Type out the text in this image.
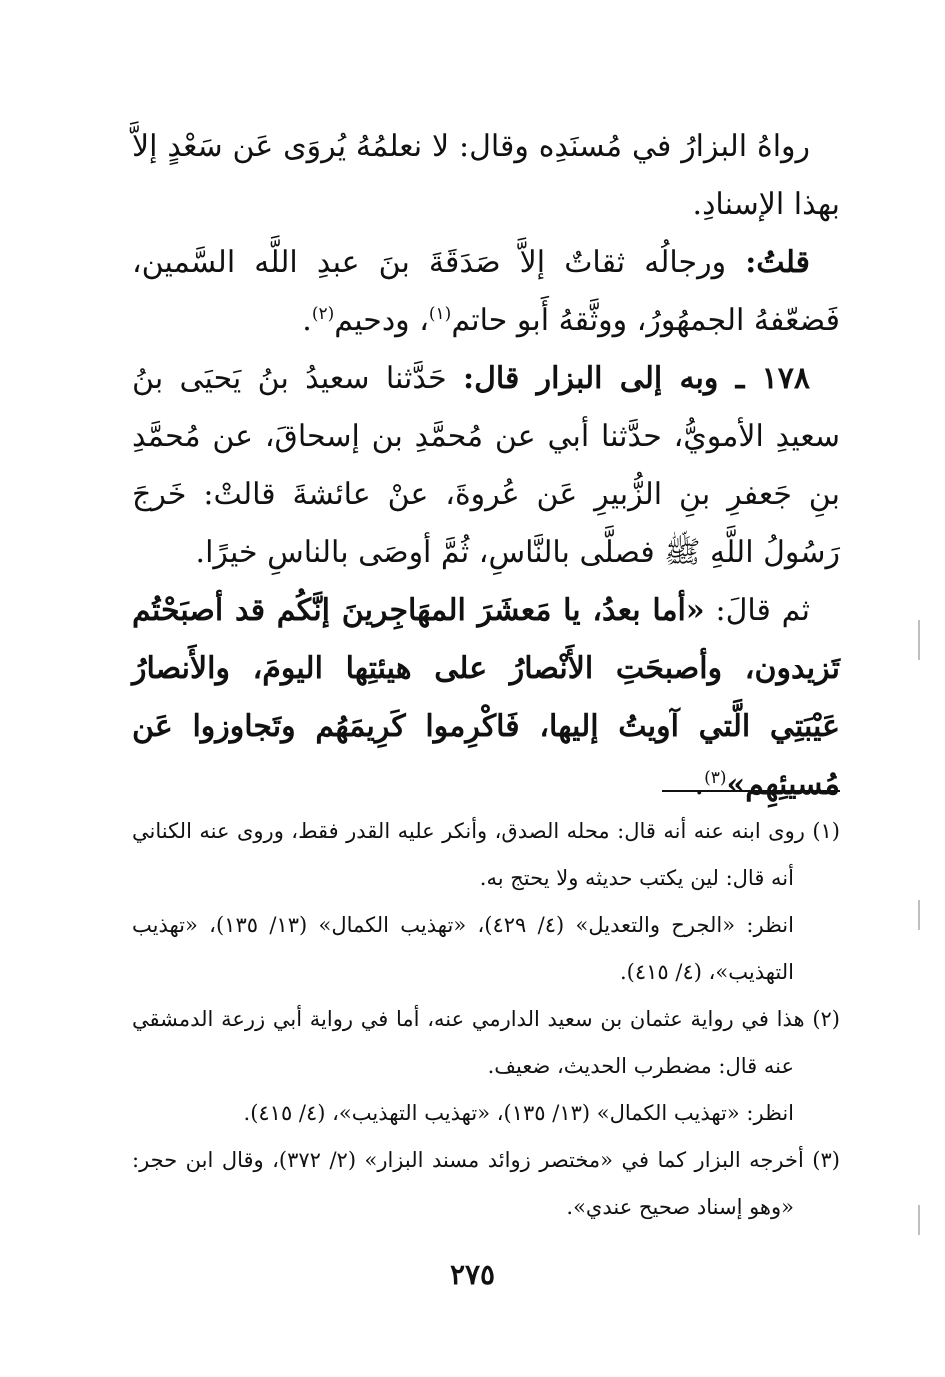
رواهُ البزارُ في مُسنَدِه وقال: لا نعلمُهُ يُروَى عَن سَعْدٍ إلاَّ بهذا الإسنادِ.

قلتُ: ورجالُه ثقاتٌ إلاَّ صَدَقَةَ بنَ عبدِ اللَّه السَّمين، فَضعّفهُ الجمهُورُ، ووثَّقهُ أَبو حاتم$^{(١)}$، ودحيم$^{(٢)}$.

١٧٨ ـ وبه إلى البزار قال: حَدَّثنا سعيدُ بنُ يَحيَى بنُ سعيدِ الأمويُّ، حدَّثنا أبي عن مُحمَّدِ بن إسحاقَ، عن مُحمَّدِ بنِ جَعفرِ بنِ الزُّبيرِ عَن عُروةَ، عنْ عائشةَ قالتْ: خَرجَ رَسُولُ اللَّهِ ﷺ فصلَّى بالنَّاسِ، ثُمَّ أوصَى بالناسِ خيرًا.

ثم قالَ: «أما بعدُ، يا مَعشَرَ المهَاجِرينَ إنَّكُم قد أصبَحْتُم تَزيدون، وأصبحَتِ الأَنْصارُ على هيئتِها اليومَ، والأَنصارُ عَيْبَتِي الَّتي آويتُ إليها، فَاكْرِموا كَرِيمَهُم وتَجاوزوا عَن مُسيئِهِم»$^{(٣)}$.

(١) روى ابنه عنه أنه قال: محله الصدق، وأنكر عليه القدر فقط، وروى عنه الكناني أنه قال: لين يكتب حديثه ولا يحتج به.

انظر: «الجرح والتعديل» (٤/ ٤٢٩)، «تهذيب الكمال» (١٣/ ١٣٥)، «تهذيب التهذيب»، (٤/ ٤١٥).

(٢) هذا في رواية عثمان بن سعيد الدارمي عنه، أما في رواية أبي زرعة الدمشقي عنه قال: مضطرب الحديث، ضعيف.

انظر: «تهذيب الكمال» (١٣/ ١٣٥)، «تهذيب التهذيب»، (٤/ ٤١٥).

(٣) أخرجه البزار كما في «مختصر زوائد مسند البزار» (٢/ ٣٧٢)، وقال ابن حجر: «وهو إسناد صحيح عندي».

٢٧٥
